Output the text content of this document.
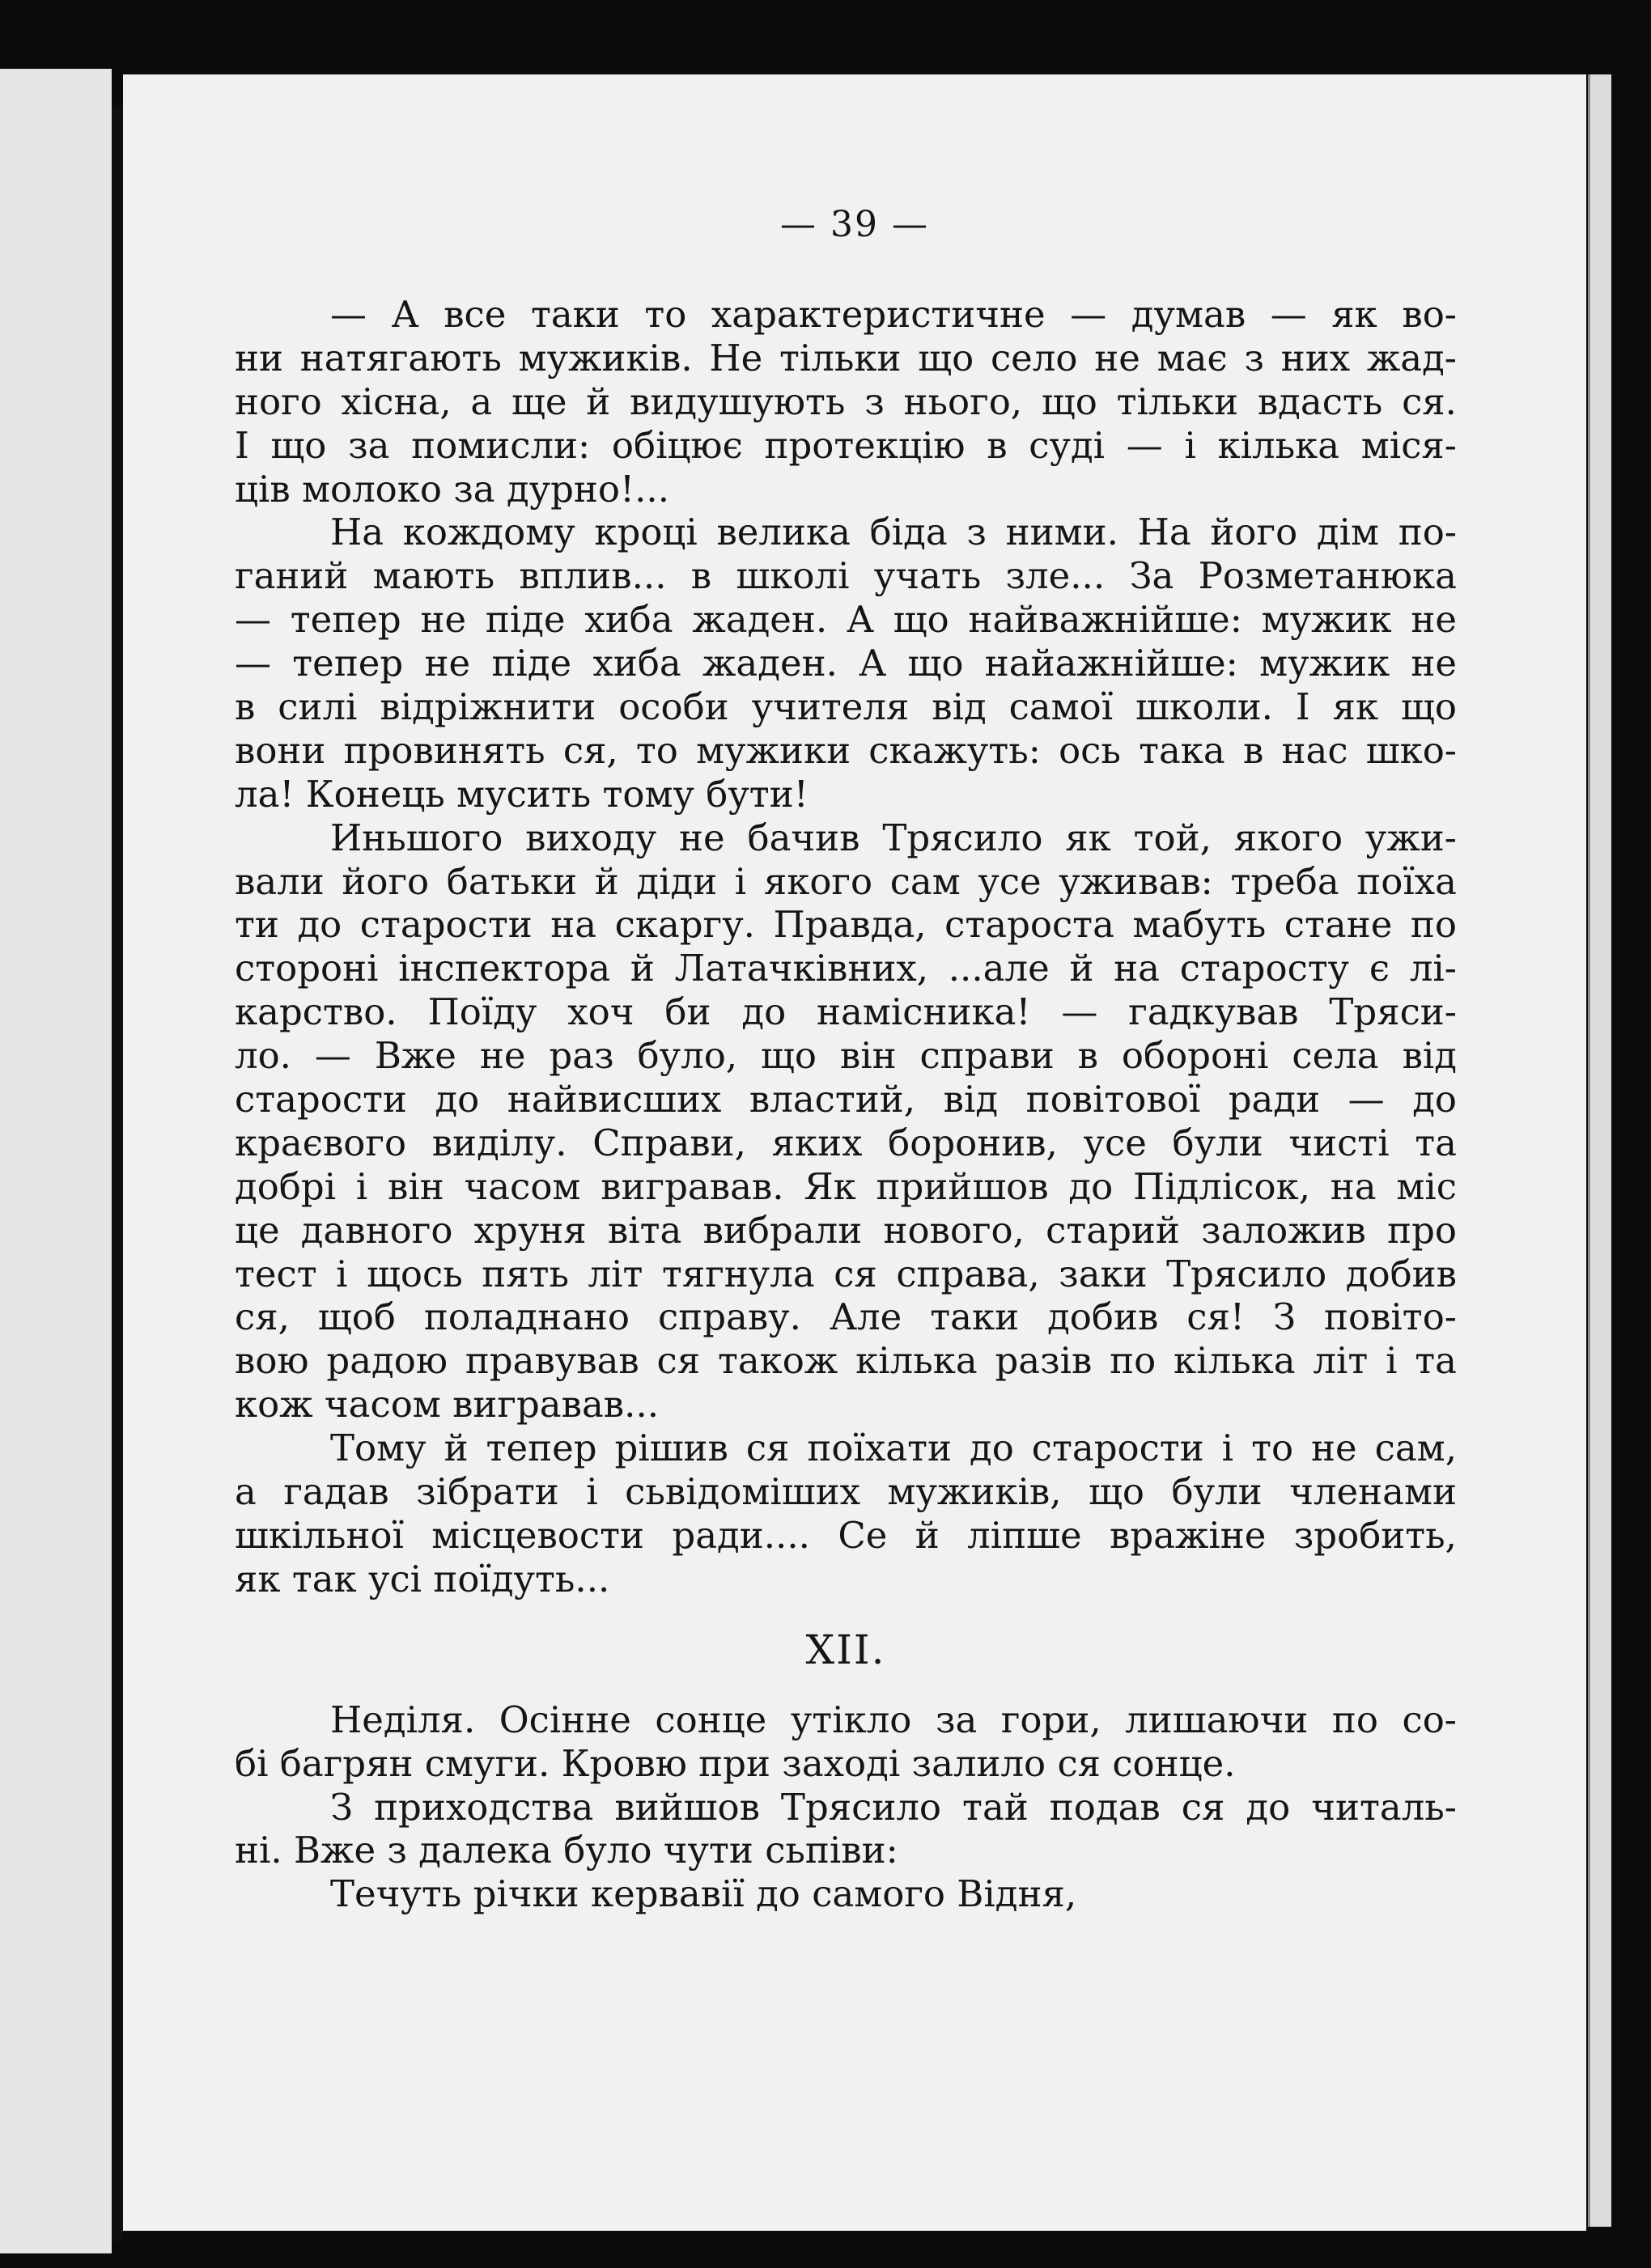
— 39 —
— А все таки то характеристичне — думав — як во-
ни натягають мужиків. Не тільки що село не має з них жад-
ного хісна, а ще й видушують з нього, що тільки вдасть ся.
І що за помисли: обіцює протекцію в суді — і кілька міся-
ців молоко за дурно!...
На кождому кроці велика біда з ними. На його дім по-
ганий мають вплив... в школі учать зле... За Розметанюка
— тепер не піде хиба жаден. А що найважнійше: мужик не
— тепер не піде хиба жаден. А що найажнійше: мужик не
в силі відріжнити особи учителя від самої школи. І як що
вони провинять ся, то мужики скажуть: ось така в нас шко-
ла! Конець мусить тому бути!
Иньшого виходу не бачив Трясило як той, якого ужи-
вали його батьки й діди і якого сам усе уживав: треба поїха
ти до старости на скаргу. Правда, староста мабуть стане по
стороні інспектора й Латачківних, ...але й на старосту є лі-
карство. Поїду хоч би до намісника! — гадкував Тряси-
ло. — Вже не раз було, що він справи в обороні села від
старости до найвисших властий, від повітової ради — до
краєвого виділу. Справи, яких боронив, усе були чисті та
добрі і він часом вигравав. Як прийшов до Підлісок, на міс
це давного хруня віта вибрали нового, старий заложив про
тест і щось пять літ тягнула ся справа, заки Трясило добив
ся, щоб поладнано справу. Але таки добив ся! З повіто-
вою радою правував ся також кілька разів по кілька літ і та
кож часом вигравав...
Тому й тепер рішив ся поїхати до старости і то не сам,
а гадав зібрати і сьвідоміших мужиків, що були членами
шкільної місцевости ради.... Се й ліпше вражіне зробить,
як так усі поїдуть...
XII.
Неділя. Осінне сонце утікло за гори, лишаючи по со-
бі багрян смуги. Кровю при заході залило ся сонце.
З приходства вийшов Трясило тай подав ся до читаль-
ні. Вже з далека було чути сьпіви:
Течуть річки кервавії до самого Відня,
